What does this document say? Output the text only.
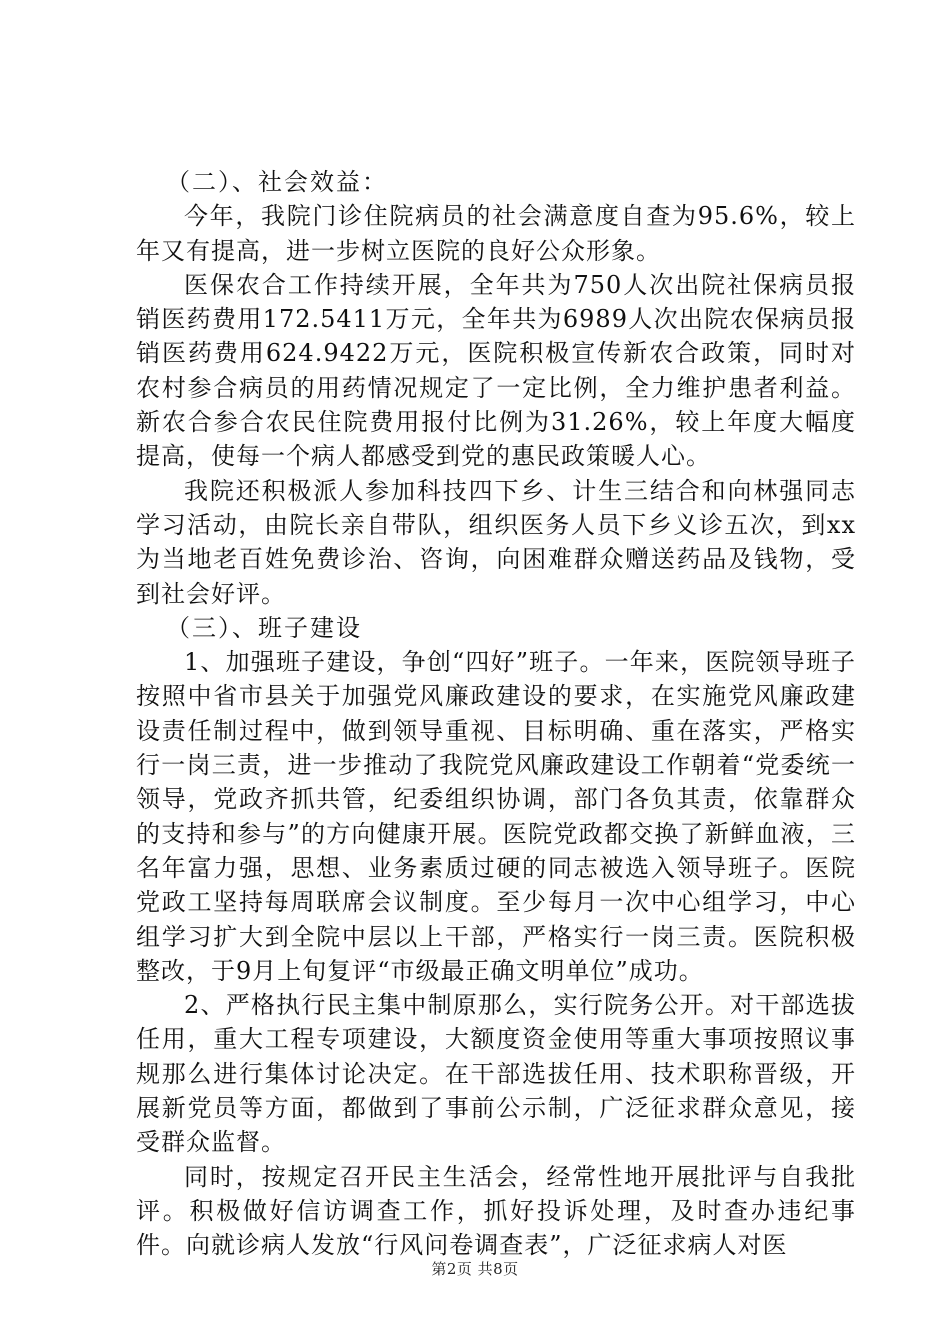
（二）、社会效益：

今年，我院门诊住院病员的社会满意度自查为95.6%，较上年又有提高，进一步树立医院的良好公众形象。

医保农合工作持续开展，全年共为750人次出院社保病员报销医药费用172.5411万元，全年共为6989人次出院农保病员报销医药费用624.9422万元，医院积极宣传新农合政策，同时对农村参合病员的用药情况规定了一定比例，全力维护患者利益。新农合参合农民住院费用报付比例为31.26%，较上年度大幅度提高，使每一个病人都感受到党的惠民政策暖人心。

我院还积极派人参加科技四下乡、计生三结合和向林强同志学习活动，由院长亲自带队，组织医务人员下乡义诊五次，到xx为当地老百姓免费诊治、咨询，向困难群众赠送药品及钱物，受到社会好评。

（三）、班子建设

1、加强班子建设，争创“四好”班子。一年来，医院领导班子按照中省市县关于加强党风廉政建设的要求，在实施党风廉政建设责任制过程中，做到领导重视、目标明确、重在落实，严格实行一岗三责，进一步推动了我院党风廉政建设工作朝着“党委统一领导，党政齐抓共管，纪委组织协调，部门各负其责，依靠群众的支持和参与”的方向健康开展。医院党政都交换了新鲜血液，三名年富力强，思想、业务素质过硬的同志被选入领导班子。医院党政工坚持每周联席会议制度。至少每月一次中心组学习，中心组学习扩大到全院中层以上干部，严格实行一岗三责。医院积极整改，于9月上旬复评“市级最正确文明单位”成功。

2、严格执行民主集中制原那么，实行院务公开。对干部选拔任用，重大工程专项建设，大额度资金使用等重大事项按照议事规那么进行集体讨论决定。在干部选拔任用、技术职称晋级，开展新党员等方面，都做到了事前公示制，广泛征求群众意见，接受群众监督。

同时，按规定召开民主生活会，经常性地开展批评与自我批评。积极做好信访调查工作，抓好投诉处理，及时查办违纪事件。向就诊病人发放“行风问卷调查表”，广泛征求病人对医

第2页 共8页
